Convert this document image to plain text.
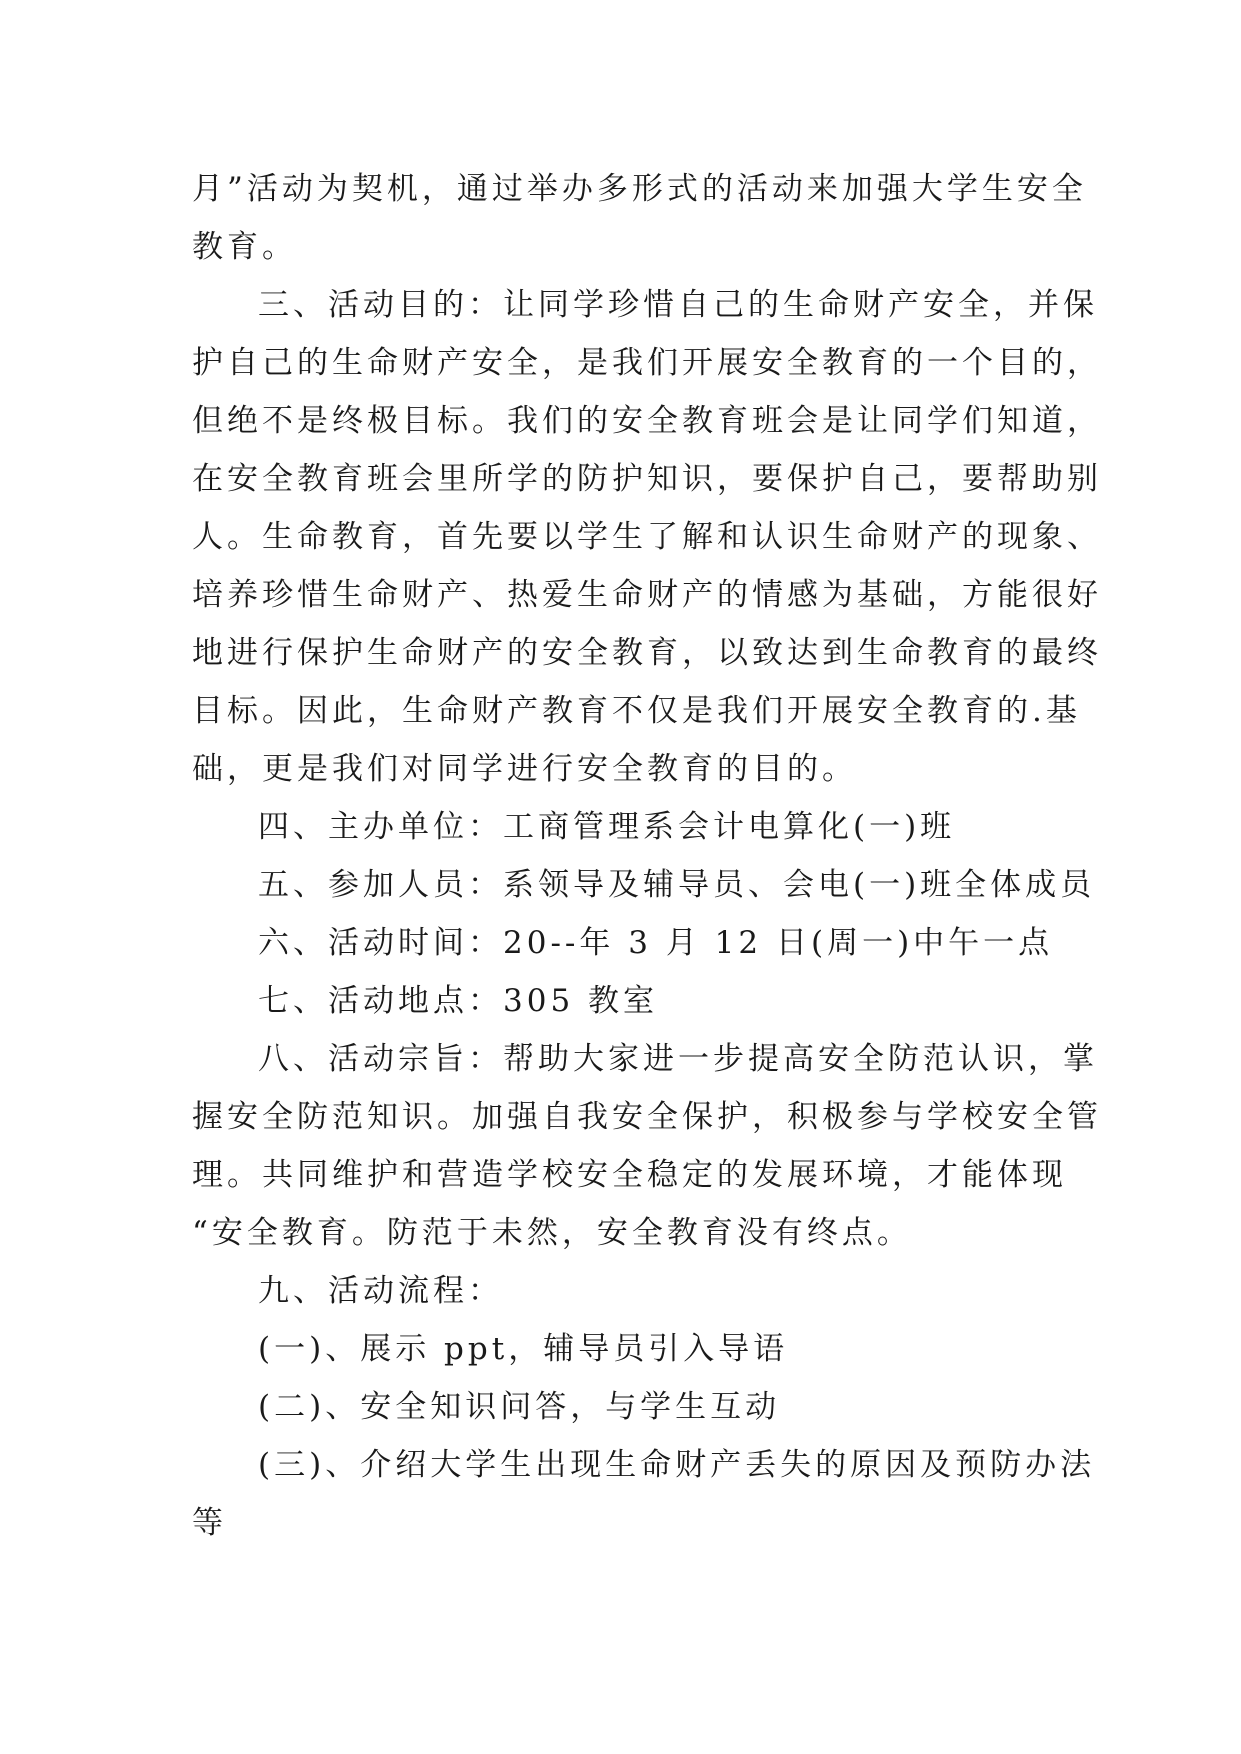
月”活动为契机，通过举办多形式的活动来加强大学生安全
教育。
三、活动目的：让同学珍惜自己的生命财产安全，并保
护自己的生命财产安全，是我们开展安全教育的一个目的，
但绝不是终极目标。我们的安全教育班会是让同学们知道，
在安全教育班会里所学的防护知识，要保护自己，要帮助别
人。生命教育，首先要以学生了解和认识生命财产的现象、
培养珍惜生命财产、热爱生命财产的情感为基础，方能很好
地进行保护生命财产的安全教育，以致达到生命教育的最终
目标。因此，生命财产教育不仅是我们开展安全教育的.基
础，更是我们对同学进行安全教育的目的。
四、主办单位：工商管理系会计电算化(一)班
五、参加人员：系领导及辅导员、会电(一)班全体成员
六、活动时间：20--年 3 月 12 日(周一)中午一点
七、活动地点：305 教室
八、活动宗旨：帮助大家进一步提高安全防范认识，掌
握安全防范知识。加强自我安全保护，积极参与学校安全管
理。共同维护和营造学校安全稳定的发展环境，才能体现
“安全教育。防范于未然，安全教育没有终点。
九、活动流程：
(一)、展示 ppt，辅导员引入导语
(二)、安全知识问答，与学生互动
(三)、介绍大学生出现生命财产丢失的原因及预防办法
等
